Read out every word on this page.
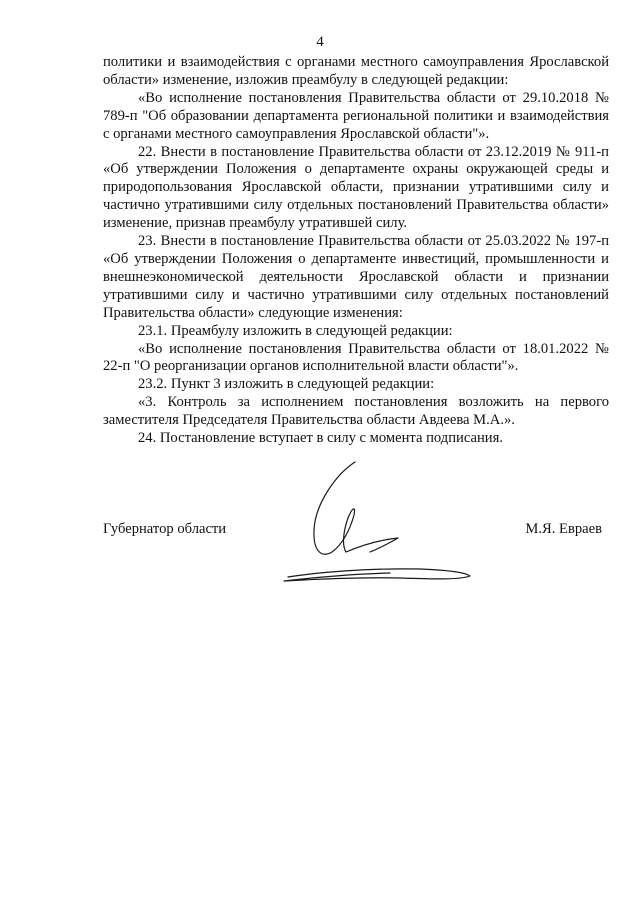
4

политики и взаимодействия с органами местного самоуправления Ярославской области» изменение, изложив преамбулу в следующей редакции:

«Во исполнение постановления Правительства области от 29.10.2018 № 789-п "Об образовании департамента региональной политики и взаимодействия с органами местного самоуправления Ярославской области"».

22. Внести в постановление Правительства области от 23.12.2019 № 911-п «Об утверждении Положения о департаменте охраны окружающей среды и природопользования Ярославской области, признании утратившими силу и частично утратившими силу отдельных постановлений Правительства области» изменение, признав преамбулу утратившей силу.

23. Внести в постановление Правительства области от 25.03.2022 № 197-п «Об утверждении Положения о департаменте инвестиций, промышленности и внешнеэкономической деятельности Ярославской области и признании утратившими силу и частично утратившими силу отдельных постановлений Правительства области» следующие изменения:

23.1. Преамбулу изложить в следующей редакции:

«Во исполнение постановления Правительства области от 18.01.2022 № 22-п "О реорганизации органов исполнительной власти области"».

23.2. Пункт 3 изложить в следующей редакции:

«3. Контроль за исполнением постановления возложить на первого заместителя Председателя Правительства области Авдеева М.А.».

24. Постановление вступает в силу с момента подписания.

Губернатор области	М.Я. Евраев
